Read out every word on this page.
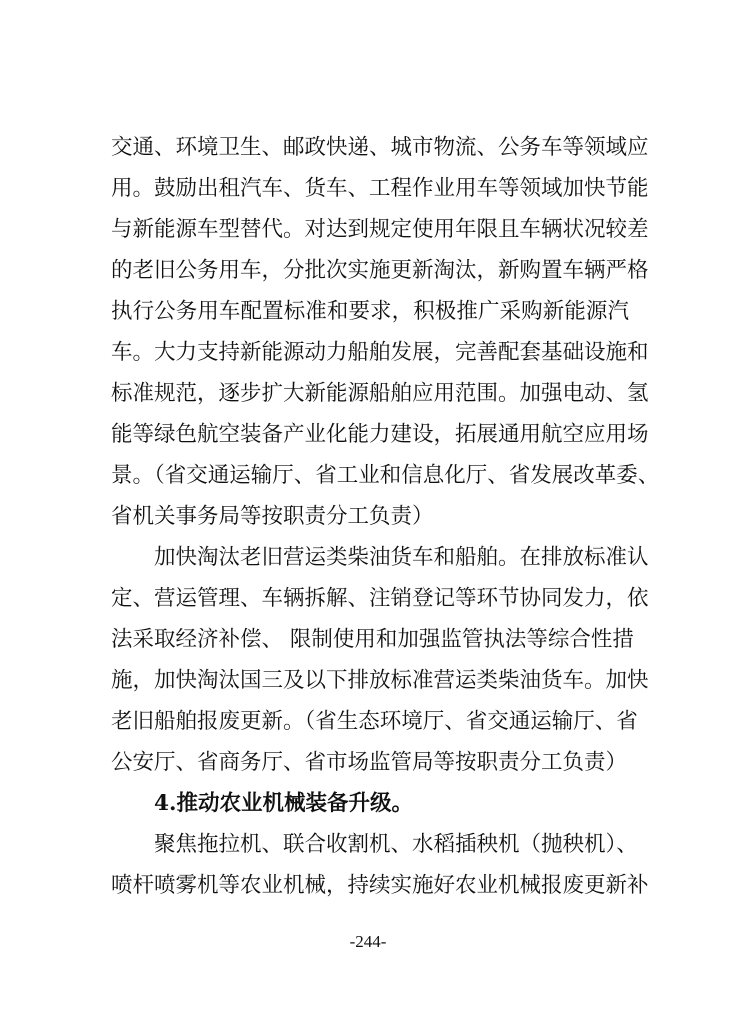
交通、环境卫生、邮政快递、城市物流、公务车等领域应
用。鼓励出租汽车、货车、工程作业用车等领域加快节能
与新能源车型替代。对达到规定使用年限且车辆状况较差
的老旧公务用车，分批次实施更新淘汰，新购置车辆严格
执行公务用车配置标准和要求，积极推广采购新能源汽
车。大力支持新能源动力船舶发展，完善配套基础设施和
标准规范，逐步扩大新能源船舶应用范围。加强电动、氢
能等绿色航空装备产业化能力建设，拓展通用航空应用场
景。（省交通运输厅、省工业和信息化厅、省发展改革委、
省机关事务局等按职责分工负责）
加快淘汰老旧营运类柴油货车和船舶。在排放标准认
定、营运管理、车辆拆解、注销登记等环节协同发力，依
法采取经济补偿、 限制使用和加强监管执法等综合性措
施，加快淘汰国三及以下排放标准营运类柴油货车。加快
老旧船舶报废更新。（省生态环境厅、省交通运输厅、省
公安厅、省商务厅、省市场监管局等按职责分工负责）
4.推动农业机械装备升级。
聚焦拖拉机、联合收割机、水稻插秧机（抛秧机）、
喷杆喷雾机等农业机械，持续实施好农业机械报废更新补
-244-
